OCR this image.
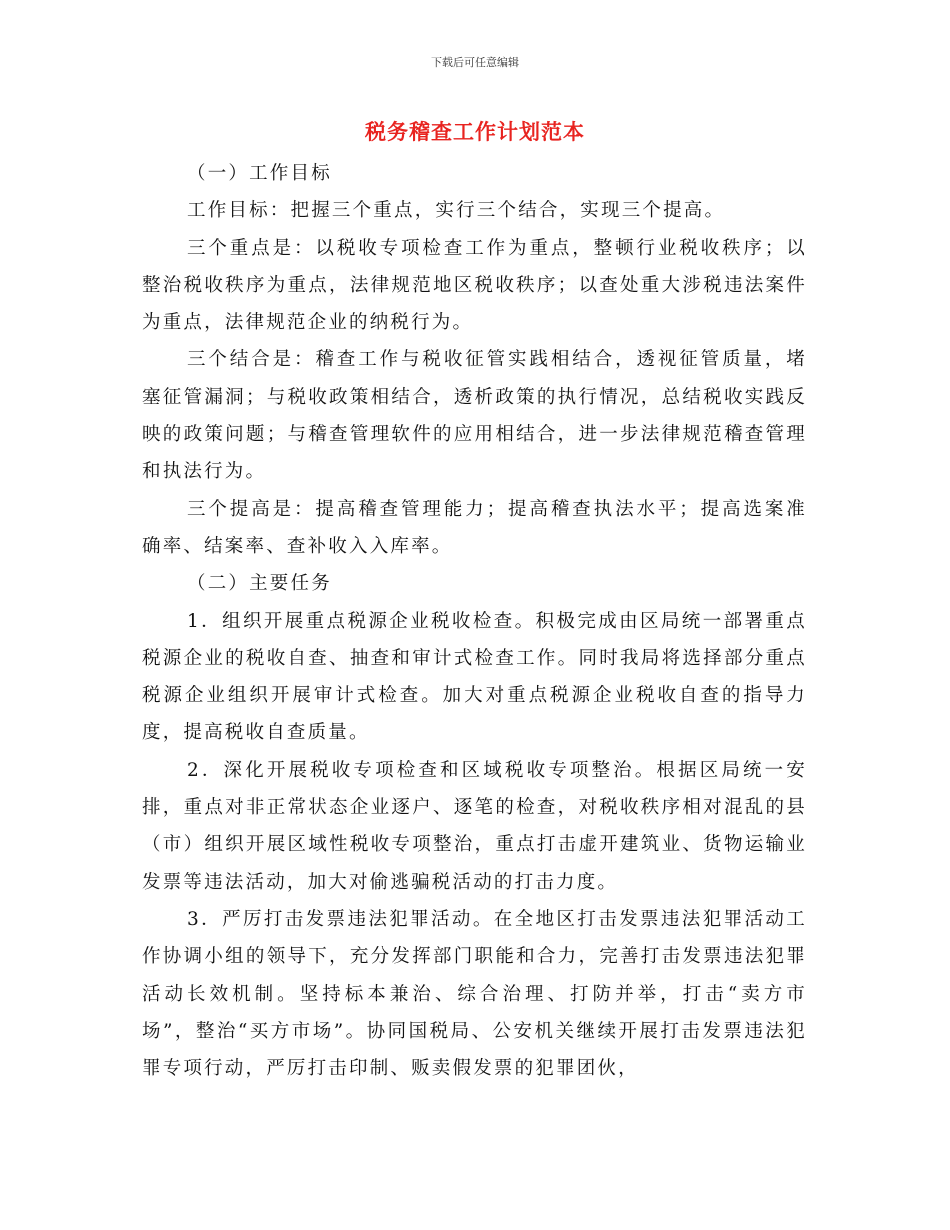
下载后可任意编辑
税务稽查工作计划范本

（一）工作目标

工作目标：把握三个重点，实行三个结合，实现三个提高。

三个重点是：以税收专项检查工作为重点，整顿行业税收秩序；以整治税收秩序为重点，法律规范地区税收秩序；以查处重大涉税违法案件为重点，法律规范企业的纳税行为。

三个结合是：稽查工作与税收征管实践相结合，透视征管质量，堵塞征管漏洞；与税收政策相结合，透析政策的执行情况，总结税收实践反映的政策问题；与稽查管理软件的应用相结合，进一步法律规范稽查管理和执法行为。

三个提高是：提高稽查管理能力；提高稽查执法水平；提高选案准确率、结案率、查补收入入库率。

（二）主要任务

1．组织开展重点税源企业税收检查。积极完成由区局统一部署重点税源企业的税收自查、抽查和审计式检查工作。同时我局将选择部分重点税源企业组织开展审计式检查。加大对重点税源企业税收自查的指导力度，提高税收自查质量。

2．深化开展税收专项检查和区域税收专项整治。根据区局统一安排，重点对非正常状态企业逐户、逐笔的检查，对税收秩序相对混乱的县（市）组织开展区域性税收专项整治，重点打击虚开建筑业、货物运输业发票等违法活动，加大对偷逃骗税活动的打击力度。

3．严厉打击发票违法犯罪活动。在全地区打击发票违法犯罪活动工作协调小组的领导下，充分发挥部门职能和合力，完善打击发票违法犯罪活动长效机制。坚持标本兼治、综合治理、打防并举，打击“卖方市场”，整治“买方市场”。协同国税局、公安机关继续开展打击发票违法犯罪专项行动，严厉打击印制、贩卖假发票的犯罪团伙，
